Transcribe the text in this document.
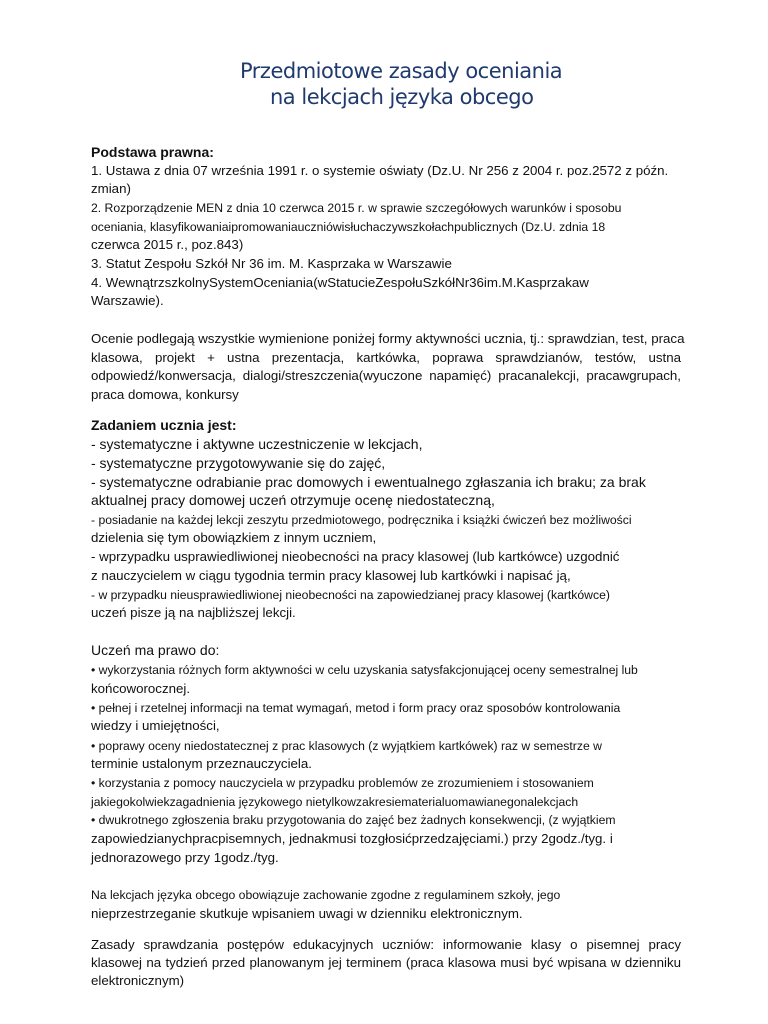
Przedmiotowe zasady oceniania
na lekcjach języka obcego
Podstawa prawna:
1. Ustawa z dnia 07 września 1991 r. o systemie oświaty (Dz.U. Nr 256 z 2004 r. poz.2572 z późn.
zmian)
2. Rozporządzenie MEN z dnia 10 czerwca 2015 r. w sprawie szczegółowych warunków i sposobu
oceniania, klasyfikowaniaipromowaniauczniówisłuchaczywszkołachpublicznych (Dz.U. zdnia 18
czerwca 2015 r., poz.843)
3. Statut Zespołu Szkół Nr 36 im. M. Kasprzaka w Warszawie
4. WewnątrzszkolnySystemOceniania(wStatucieZespołuSzkółNr36im.M.Kasprzakaw
Warszawie).
Ocenie podlegają wszystkie wymienione poniżej formy aktywności ucznia, tj.: sprawdzian, test, praca
klasowa, projekt + ustna prezentacja, kartkówka, poprawa sprawdzianów, testów, ustna
odpowiedź/konwersacja, dialogi/streszczenia(wyuczone napamięć) pracanalekcji, pracawgrupach,
praca domowa, konkursy
Zadaniem ucznia jest:
- systematyczne i aktywne uczestniczenie w lekcjach,
- systematyczne przygotowywanie się do zajęć,
- systematyczne odrabianie prac domowych i ewentualnego zgłaszania ich braku; za brak
aktualnej pracy domowej uczeń otrzymuje ocenę niedostateczną,
- posiadanie na każdej lekcji zeszytu przedmiotowego, podręcznika i książki ćwiczeń bez możliwości
dzielenia się tym obowiązkiem z innym uczniem,
- wprzypadku usprawiedliwionej nieobecności na pracy klasowej (lub kartkówce) uzgodnić
z nauczycielem w ciągu tygodnia termin pracy klasowej lub kartkówki i napisać ją,
- w przypadku nieusprawiedliwionej nieobecności na zapowiedzianej pracy klasowej (kartkówce)
uczeń pisze ją na najbliższej lekcji.
Uczeń ma prawo do:
• wykorzystania różnych form aktywności w celu uzyskania satysfakcjonującej oceny semestralnej lub
końcoworocznej.
• pełnej i rzetelnej informacji na temat wymagań, metod i form pracy oraz sposobów kontrolowania
wiedzy i umiejętności,
• poprawy oceny niedostatecznej z prac klasowych (z wyjątkiem kartkówek) raz w semestrze w
terminie ustalonym przeznauczyciela.
• korzystania z pomocy nauczyciela w przypadku problemów ze zrozumieniem i stosowaniem
jakiegokolwiekzagadnienia językowego nietylkowzakresiematerialuomawianegonalekcjach
• dwukrotnego zgłoszenia braku przygotowania do zajęć bez żadnych konsekwencji, (z wyjątkiem
zapowiedzianychpracpisemnych, jednakmusi tozgłosićprzedzajęciami.) przy 2godz./tyg. i
jednorazowego przy 1godz./tyg.
Na lekcjach języka obcego obowiązuje zachowanie zgodne z regulaminem szkoły, jego
nieprzestrzeganie skutkuje wpisaniem uwagi w dzienniku elektronicznym.
Zasady sprawdzania postępów edukacyjnych uczniów: informowanie klasy o pisemnej pracy
klasowej na tydzień przed planowanym jej terminem (praca klasowa musi być wpisana w dzienniku
elektronicznym)
